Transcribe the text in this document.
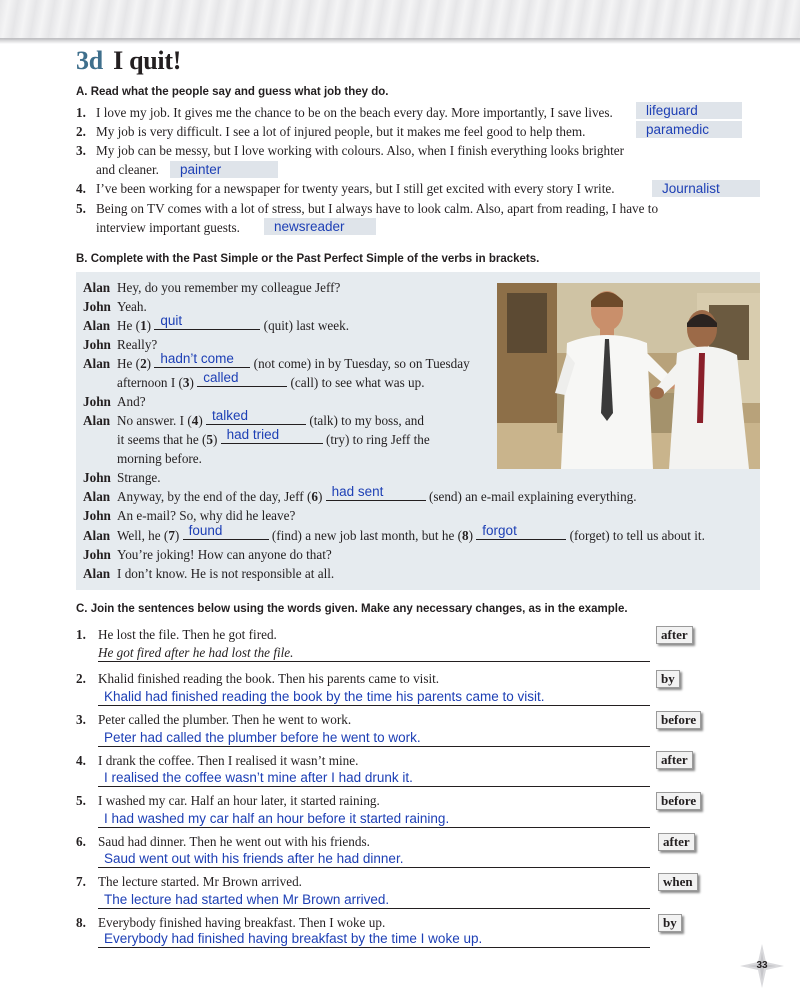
3d I quit!
A. Read what the people say and guess what job they do.
1. I love my job. It gives me the chance to be on the beach every day. More importantly, I save lives.	lifeguard
2. My job is very difficult. I see a lot of injured people, but it makes me feel good to help them.	paramedic
3. My job can be messy, but I love working with colours. Also, when I finish everything looks brighter
and cleaner.	painter
4. I’ve been working for a newspaper for twenty years, but I still get excited with every story I write.	Journalist
5. Being on TV comes with a lot of stress, but I always have to look calm. Also, apart from reading, I have to
interview important guests.	newsreader
B. Complete with the Past Simple or the Past Perfect Simple of the verbs in brackets.
Alan Hey, do you remember my colleague Jeff?
John Yeah.
Alan He (1) quit	(quit) last week.
John Really?
Alan He (2) hadn’t come (not come) in by Tuesday, so on Tuesday
afternoon I (3) called	(call) to see what was up.
John And?
Alan No answer. I (4) talked	(talk) to my boss, and
it seems that he (5) had tried	(try) to ring Jeff the
morning before.
John Strange.
Alan Anyway, by the end of the day, Jeff (6) had sent	(send) an e-mail explaining everything.
John An e-mail? So, why did he leave?
Alan Well, he (7) found	(find) a new job last month, but he (8) forgot	(forget) to tell us about it.
John You’re joking! How can anyone do that?
Alan I don’t know. He is not responsible at all.
C. Join the sentences below using the words given. Make any necessary changes, as in the example.
1. He lost the file. Then he got fired.
He got fired after he had lost the file.
after
2. Khalid finished reading the book. Then his parents came to visit.
Khalid had finished reading the book by the time his parents came to visit.
by
3. Peter called the plumber. Then he went to work.
Peter had called the plumber before he went to work.
before
4. I drank the coffee. Then I realised it wasn’t mine.
I realised the coffee wasn’t mine after I had drunk it.
after
5. I washed my car. Half an hour later, it started raining.
I had washed my car half an hour before it started raining.
before
6. Saud had dinner. Then he went out with his friends.
Saud went out with his friends after he had dinner.
after
7. The lecture started. Mr Brown arrived.
The lecture had started when Mr Brown arrived.
when
8. Everybody finished having breakfast. Then I woke up.
Everybody had finished having breakfast by the time I woke up.
by
33
